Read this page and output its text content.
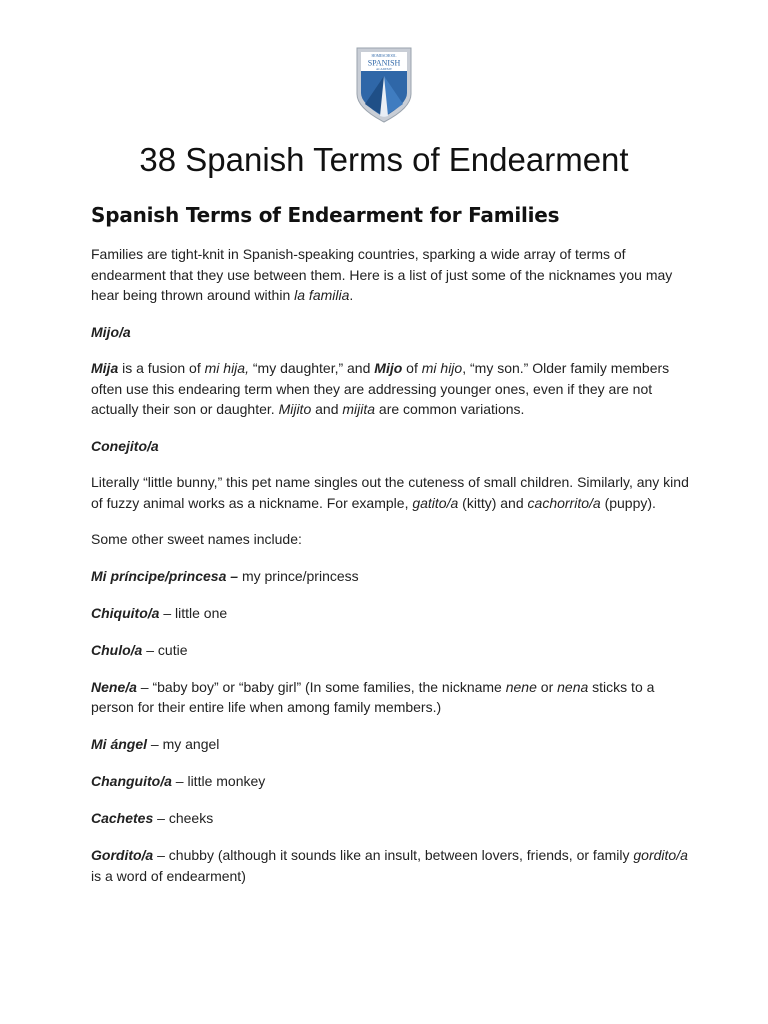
HOMESCHOOL
SPANISH
ACADEMY
38 Spanish Terms of Endearment
Spanish Terms of Endearment for Families

Families are tight-knit in Spanish-speaking countries, sparking a wide array of terms of endearment that they use between them. Here is a list of just some of the nicknames you may hear being thrown around within la familia.

Mijo/a

Mija is a fusion of mi hija, “my daughter,” and Mijo of mi hijo, “my son.” Older family members often use this endearing term when they are addressing younger ones, even if they are not actually their son or daughter. Mijito and mijita are common variations.

Conejito/a

Literally “little bunny,” this pet name singles out the cuteness of small children. Similarly, any kind of fuzzy animal works as a nickname. For example, gatito/a (kitty) and cachorrito/a (puppy).

Some other sweet names include:

Mi príncipe/princesa – my prince/princess

Chiquito/a – little one

Chulo/a – cutie

Nene/a – “baby boy” or “baby girl” (In some families, the nickname nene or nena sticks to a person for their entire life when among family members.)

Mi ángel – my angel

Changuito/a – little monkey

Cachetes – cheeks

Gordito/a – chubby (although it sounds like an insult, between lovers, friends, or family gordito/a is a word of endearment)
